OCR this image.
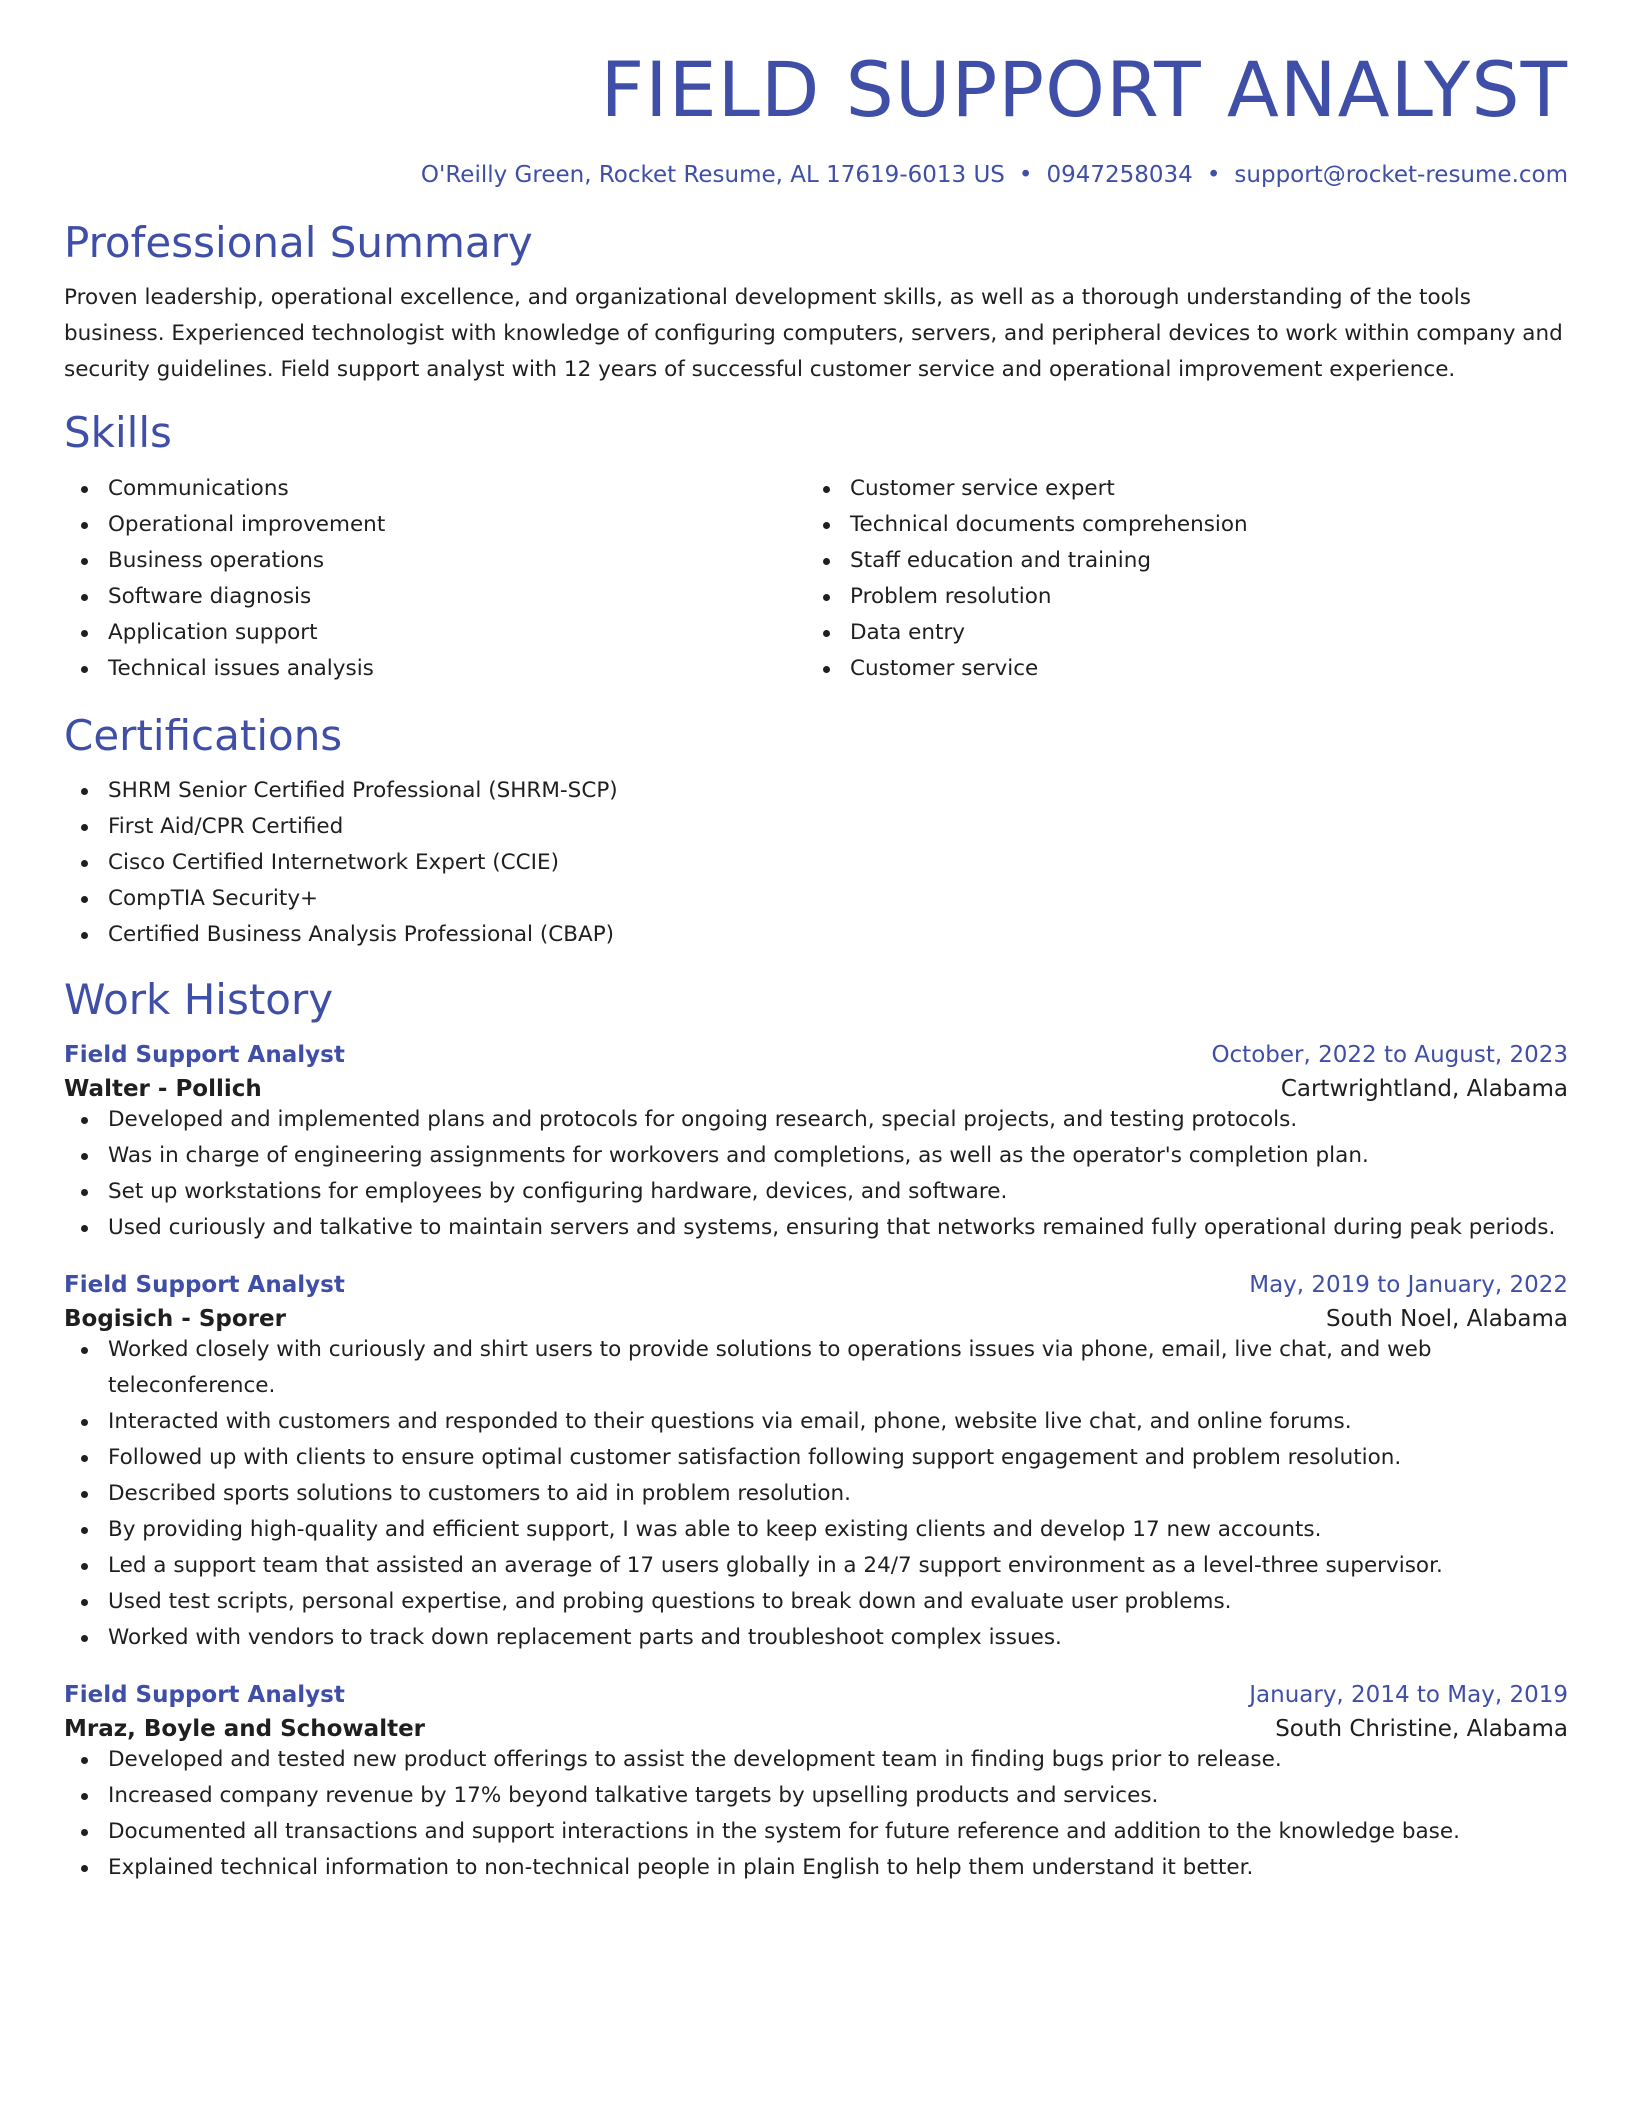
FIELD SUPPORT ANALYST
O'Reilly Green, Rocket Resume, AL 17619-6013 US • 0947258034 • support@rocket-resume.com
Professional Summary

Proven leadership, operational excellence, and organizational development skills, as well as a thorough understanding of the tools business. Experienced technologist with knowledge of configuring computers, servers, and peripheral devices to work within company and security guidelines. Field support analyst with 12 years of successful customer service and operational improvement experience.

Skills
Communications
Operational improvement
Business operations
Software diagnosis
Application support
Technical issues analysis
Customer service expert
Technical documents comprehension
Staff education and training
Problem resolution
Data entry
Customer service
Certifications
SHRM Senior Certified Professional (SHRM-SCP)
First Aid/CPR Certified
Cisco Certified Internetwork Expert (CCIE)
CompTIA Security+
Certified Business Analysis Professional (CBAP)
Work History
Field Support Analyst	October, 2022 to August, 2023
Walter - Pollich	Cartwrightland, Alabama
Developed and implemented plans and protocols for ongoing research, special projects, and testing protocols.
Was in charge of engineering assignments for workovers and completions, as well as the operator's completion plan.
Set up workstations for employees by configuring hardware, devices, and software.
Used curiously and talkative to maintain servers and systems, ensuring that networks remained fully operational during peak periods.
Field Support Analyst	May, 2019 to January, 2022
Bogisich - Sporer	South Noel, Alabama
Worked closely with curiously and shirt users to provide solutions to operations issues via phone, email, live chat, and web teleconference.
Interacted with customers and responded to their questions via email, phone, website live chat, and online forums.
Followed up with clients to ensure optimal customer satisfaction following support engagement and problem resolution.
Described sports solutions to customers to aid in problem resolution.
By providing high-quality and efficient support, I was able to keep existing clients and develop 17 new accounts.
Led a support team that assisted an average of 17 users globally in a 24/7 support environment as a level-three supervisor.
Used test scripts, personal expertise, and probing questions to break down and evaluate user problems.
Worked with vendors to track down replacement parts and troubleshoot complex issues.
Field Support Analyst	January, 2014 to May, 2019
Mraz, Boyle and Schowalter	South Christine, Alabama
Developed and tested new product offerings to assist the development team in finding bugs prior to release.
Increased company revenue by 17% beyond talkative targets by upselling products and services.
Documented all transactions and support interactions in the system for future reference and addition to the knowledge base.
Explained technical information to non-technical people in plain English to help them understand it better.
